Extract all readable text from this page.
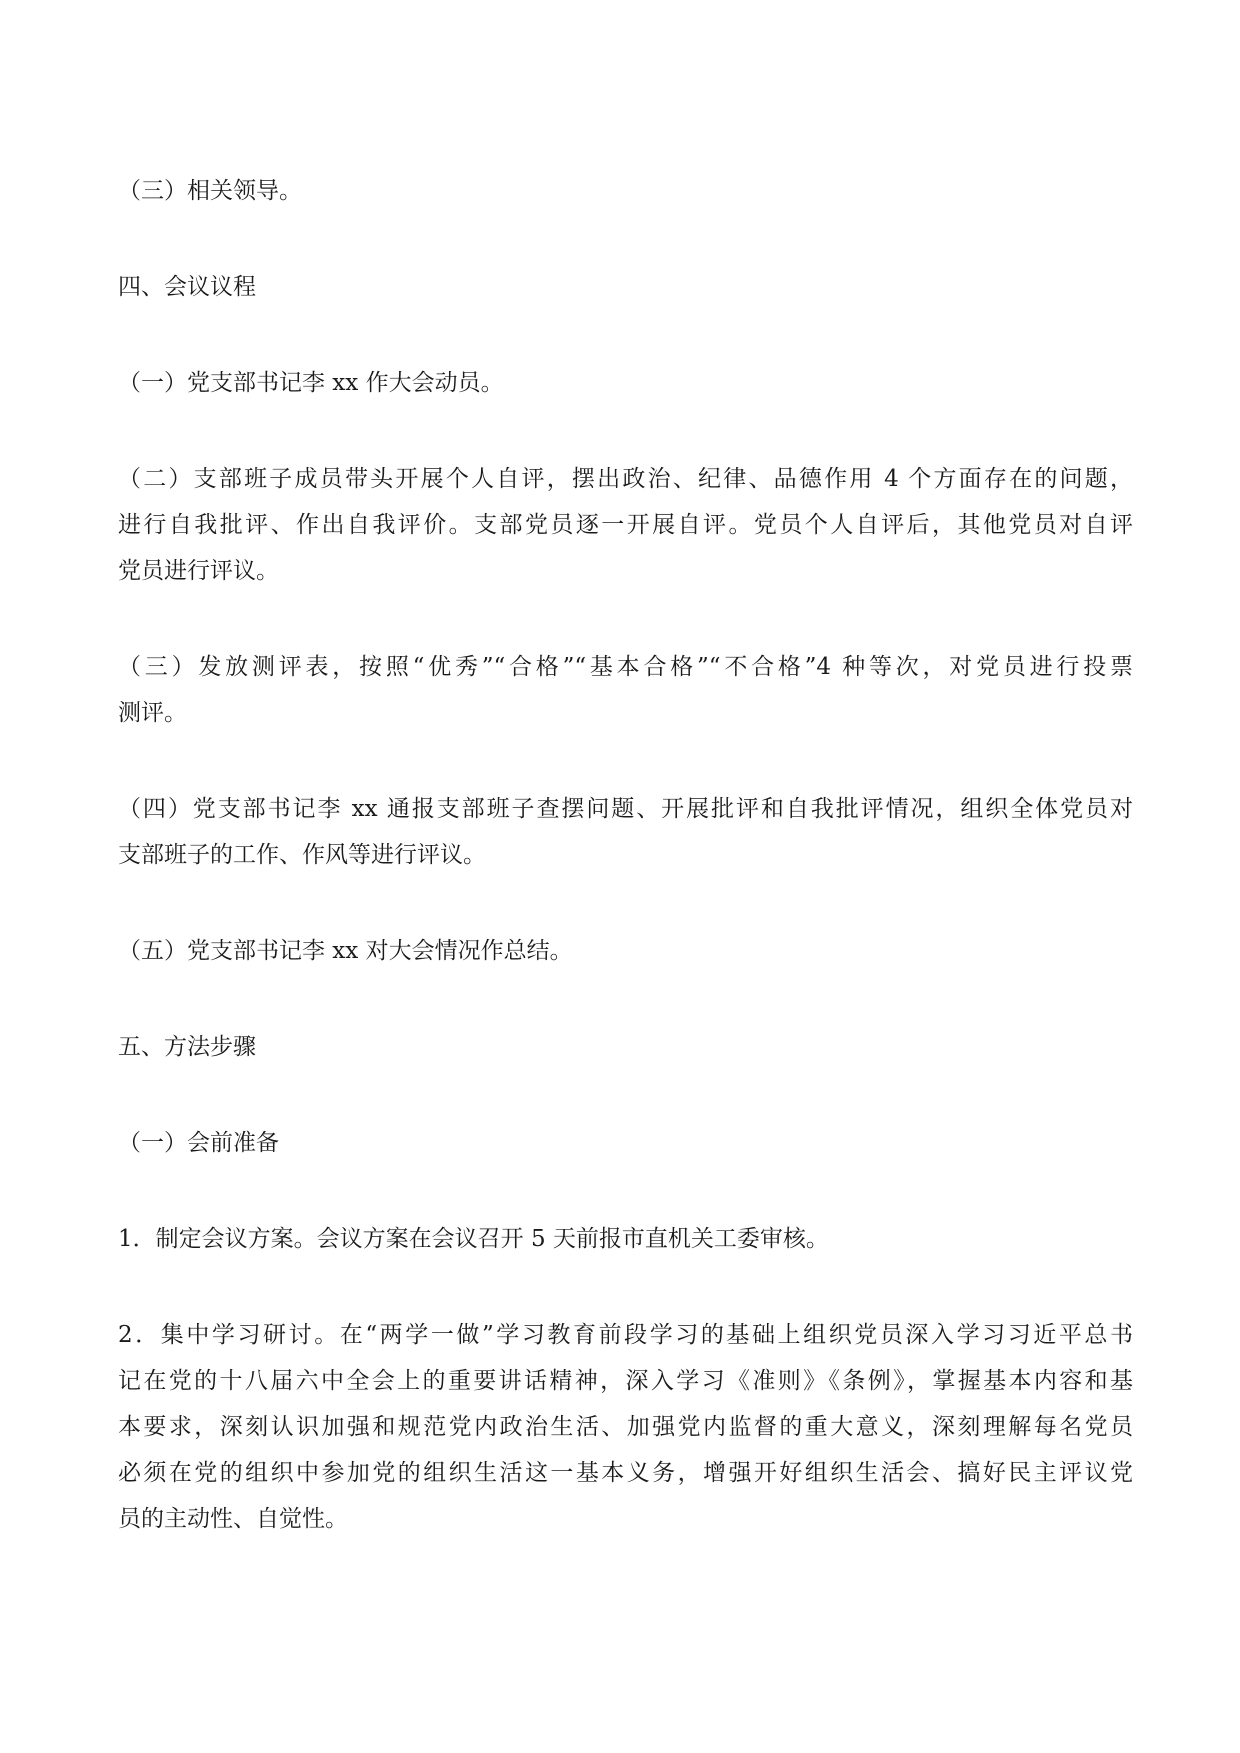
（三）相关领导。

四、会议议程

（一）党支部书记李 xx 作大会动员。

（二）支部班子成员带头开展个人自评，摆出政治、纪律、品德作用 4 个方面存在的问题，

进行自我批评、作出自我评价。支部党员逐一开展自评。党员个人自评后，其他党员对自评

党员进行评议。

（三）发放测评表，按照“优秀”“合格”“基本合格”“不合格”4 种等次，对党员进行投票

测评。

（四）党支部书记李 xx 通报支部班子查摆问题、开展批评和自我批评情况，组织全体党员对

支部班子的工作、作风等进行评议。

（五）党支部书记李 xx 对大会情况作总结。

五、方法步骤

（一）会前准备

1．制定会议方案。会议方案在会议召开 5 天前报市直机关工委审核。

2．集中学习研讨。在“两学一做”学习教育前段学习的基础上组织党员深入学习习近平总书

记在党的十八届六中全会上的重要讲话精神，深入学习《准则》《条例》，掌握基本内容和基

本要求，深刻认识加强和规范党内政治生活、加强党内监督的重大意义，深刻理解每名党员

必须在党的组织中参加党的组织生活这一基本义务，增强开好组织生活会、搞好民主评议党

员的主动性、自觉性。
